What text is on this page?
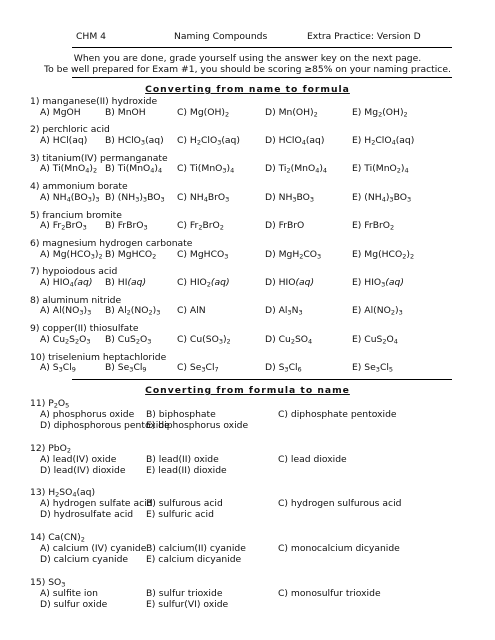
CHM 4	Naming Compounds	Extra Practice: Version D
When you are done, grade yourself using the answer key on the next page.
To be well prepared for Exam #1, you should be scoring ≥85% on your naming practice.
Converting from name to formula
1) manganese(II) hydroxide
A) MgOH	B) MnOH	C) $Mg(OH)_2$	D) $Mn(OH)_2$	E) $Mg_2(OH)_2$
2) perchloric acid
A) HCl(aq) B) HClO$_3$(aq) C) $H_2ClO_3(aq)$	D) HClO$_4$(aq)	E) $H_2ClO_4(aq)$
3) titanium(IV) permanganate
A) $Ti(MnO_4)_2$ B) $Ti(MnO_4)_4$ C) $Ti(MnO_3)_4$	D) $Ti_2(MnO_4)_4$	E) $Ti(MnO_2)_4$
4) ammonium borate
A) $NH_4(BO_3)_3$ B) $(NH_3)_3BO_3$ C) $NH_4BrO_3$	D) $NH_3BO_3$	E) $(NH_4)_3BO_3$
5) francium bromite
A) $Fr_2BrO_3$ B) FrBrO$_3$	C) $Fr_2BrO_2$	D) FrBrO	E) FrBrO$_2$
6) magnesium hydrogen carbonate
A) $Mg(HCO_3)_2$ B) MgHCO$_2$ C) MgHCO$_3$	D) $MgH_2CO_3$	E) $Mg(HCO_2)_2$
7) hypoiodous acid
A) $HIO_4(aq)$ B) HI(aq)	C) $HIO_2(aq)$	D) HIO(aq)	E) $HIO_3(aq)$
8) aluminum nitride
A) $Al(NO_3)_3$ B) $Al_2(NO_2)_3$ C) AlN	D) $Al_3N_3$	E) $Al(NO_2)_3$
9) copper(II) thiosulfate
A) $Cu_2S_2O_3$ B) $CuS_2O_3$	C) $Cu(SO_3)_2$	D) $Cu_2SO_4$	E) $CuS_2O_4$
10) triselenium heptachloride
A) $S_3Cl_9$	B) $Se_3Cl_9$	C) $Se_3Cl_7$	D) $S_3Cl_6$	E) $Se_3Cl_5$
Converting from formula to name
11) $P_2O_5$
A) phosphorus oxide B) biphosphate	C) diphosphate pentoxide
D) diphosphorous pentoxide
E) biphosphorus oxide
12) PbO$_2$
A) lead(IV) oxide	B) lead(II) oxide	C) lead dioxide
D) lead(IV) dioxide E) lead(II) dioxide
13) $H_2SO_4(aq)$
A) hydrogen sulfate acid
B) sulfurous acid	C) hydrogen sulfurous acid
D) hydrosulfate acid E) sulfuric acid
14) $Ca(CN)_2$
A) calcium (IV) cyanide B) calcium(II) cyanide	C) monocalcium dicyanide
D) calcium cyanide E) calcium dicyanide
15) $SO_3$
A) sulfite ion	B) sulfur trioxide	C) monosulfur trioxide
D) sulfur oxide	E) sulfur(VI) oxide
